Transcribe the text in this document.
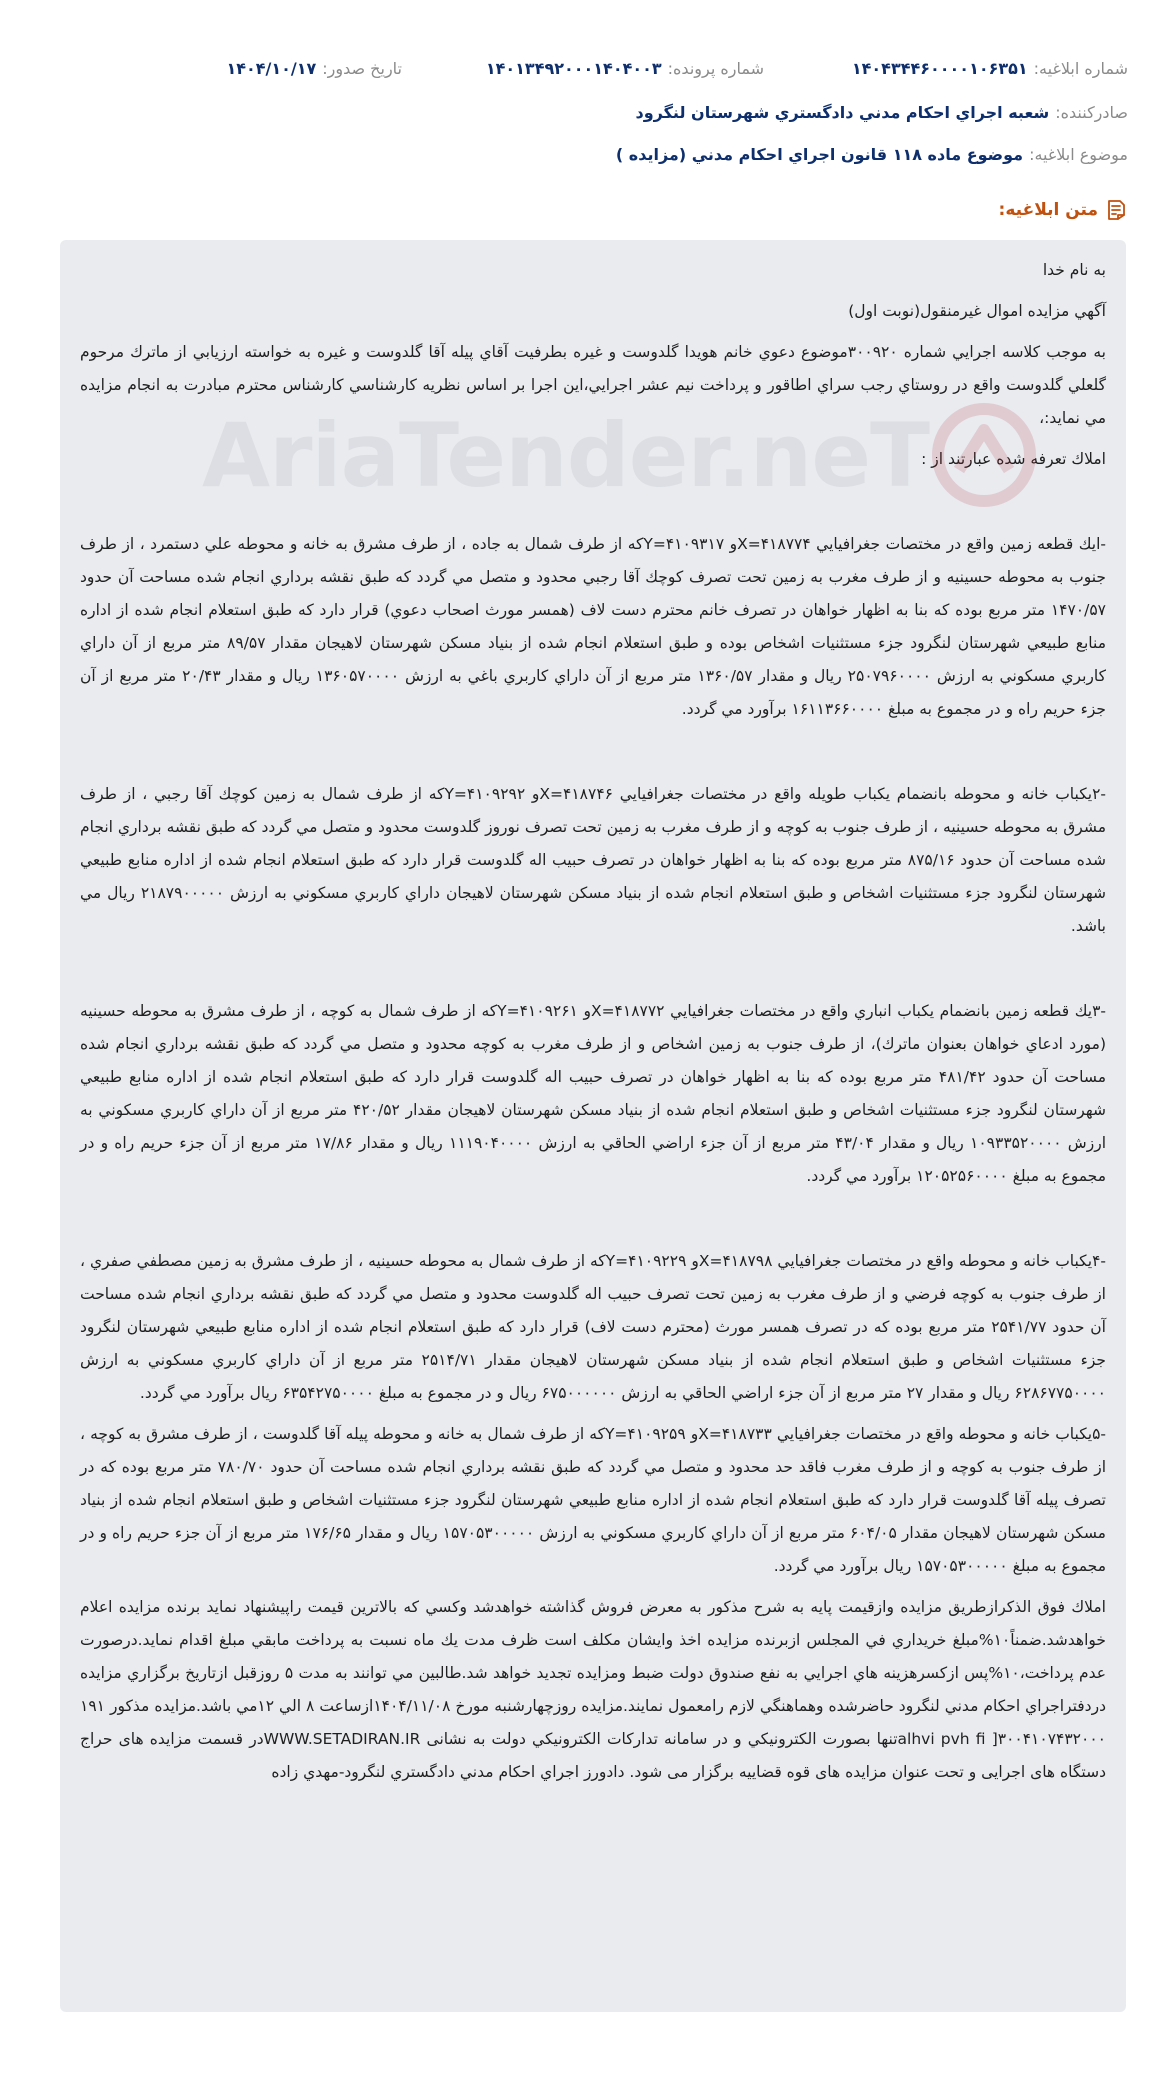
شماره ابلاغيه:
۱۴۰۴۳۴۴۶۰۰۰۰۱۰۶۳۵۱
شماره پرونده:
۱۴۰۱۳۴۹۲۰۰۰۱۴۰۴۰۰۳
تاريخ صدور:
۱۴۰۴/۱۰/۱۷
صادرکننده:
شعبه اجراي احکام مدني دادگستري شهرستان لنگرود
موضوع ابلاغيه:
موضوع ماده ۱۱۸ قانون اجراي احکام مدني (مزايده )
متن ابلاغيه:

به نام خدا

آگهي مزايده اموال غيرمنقول(نوبت اول)

به موجب کلاسه اجرايي شماره ۳۰۰۹۲۰موضوع دعوي خانم هويدا گلدوست و غيره بطرفيت آقاي پيله آقا گلدوست و غيره به خواسته ارزيابي از ماترك مرحوم گلعلي گلدوست واقع در روستاي رجب سراي اطاقور و پرداخت نيم عشر اجرايي،اين اجرا بر اساس نظريه کارشناسي کارشناس محترم مبادرت به انجام مزايده مي نمايد:،

املاك تعرفه شده عبارتند از :

-ايك قطعه زمين واقع در مختصات جغرافيايي X=۴۱۸۷۷۴و Y=۴۱۰۹۳۱۷كه از طرف شمال به جاده ، از طرف مشرق به خانه و محوطه علي دستمرد ، از طرف جنوب به محوطه حسينيه و از طرف مغرب به زمين تحت تصرف كوچك آقا رجبي محدود و متصل مي گردد كه طبق نقشه برداري انجام شده مساحت آن حدود ۱۴۷۰/۵۷ متر مربع بوده كه بنا به اظهار خواهان در تصرف خانم محترم دست لاف (همسر مورث اصحاب دعوي) قرار دارد كه طبق استعلام انجام شده از اداره منابع طبيعي شهرستان لنگرود جزء مستثنيات اشخاص بوده و طبق استعلام انجام شده از بنياد مسكن شهرستان لاهيجان مقدار ۸۹/۵۷ متر مربع از آن داراي كاربري مسكوني به ارزش ۲۵۰۷۹۶۰۰۰۰ ريال و مقدار ۱۳۶۰/۵۷ متر مربع از آن داراي كاربري باغي به ارزش ۱۳۶۰۵۷۰۰۰۰ ريال و مقدار ۲۰/۴۳ متر مربع از آن جزء حريم راه و در مجموع به مبلغ ۱۶۱۱۳۶۶۰۰۰۰ برآورد مي گردد.

-۲يكباب خانه و محوطه بانضمام يكباب طويله واقع در مختصات جغرافيايي X=۴۱۸۷۴۶و Y=۴۱۰۹۲۹۲كه از طرف شمال به زمين كوچك آقا رجبي ، از طرف مشرق به محوطه حسينيه ، از طرف جنوب به كوچه و از طرف مغرب به زمين تحت تصرف نوروز گلدوست محدود و متصل مي گردد كه طبق نقشه برداري انجام شده مساحت آن حدود ۸۷۵/۱۶ متر مربع بوده كه بنا به اظهار خواهان در تصرف حبيب اله گلدوست قرار دارد كه طبق استعلام انجام شده از اداره منابع طبيعي شهرستان لنگرود جزء مستثنيات اشخاص و طبق استعلام انجام شده از بنياد مسكن شهرستان لاهيجان داراي كاربري مسكوني به ارزش ۲۱۸۷۹۰۰۰۰۰ ريال مي باشد.

-۳يك قطعه زمين بانضمام يكباب انباري واقع در مختصات جغرافيايي X=۴۱۸۷۷۲و Y=۴۱۰۹۲۶۱كه از طرف شمال به كوچه ، از طرف مشرق به محوطه حسينيه (مورد ادعاي خواهان بعنوان ماترك)، از طرف جنوب به زمين اشخاص و از طرف مغرب به كوچه محدود و متصل مي گردد كه طبق نقشه برداري انجام شده مساحت آن حدود ۴۸۱/۴۲ متر مربع بوده كه بنا به اظهار خواهان در تصرف حبيب اله گلدوست قرار دارد كه طبق استعلام انجام شده از اداره منابع طبيعي شهرستان لنگرود جزء مستثنيات اشخاص و طبق استعلام انجام شده از بنياد مسكن شهرستان لاهيجان مقدار ۴۲۰/۵۲ متر مربع از آن داراي كاربري مسكوني به ارزش ۱۰۹۳۳۵۲۰۰۰۰ ريال و مقدار ۴۳/۰۴ متر مربع از آن جزء اراضي الحاقي به ارزش ۱۱۱۹۰۴۰۰۰۰ ريال و مقدار ۱۷/۸۶ متر مربع از آن جزء حريم راه و در مجموع به مبلغ ۱۲۰۵۲۵۶۰۰۰۰ برآورد مي گردد.

-۴يكباب خانه و محوطه واقع در مختصات جغرافيايي X=۴۱۸۷۹۸و Y=۴۱۰۹۲۲۹كه از طرف شمال به محوطه حسينيه ، از طرف مشرق به زمين مصطفي صفري ، از طرف جنوب به كوچه فرضي و از طرف مغرب به زمين تحت تصرف حبيب اله گلدوست محدود و متصل مي گردد كه طبق نقشه برداري انجام شده مساحت آن حدود ۲۵۴۱/۷۷ متر مربع بوده كه در تصرف همسر مورث (محترم دست لاف) قرار دارد كه طبق استعلام انجام شده از اداره منابع طبيعي شهرستان لنگرود جزء مستثنيات اشخاص و طبق استعلام انجام شده از بنياد مسكن شهرستان لاهيجان مقدار ۲۵۱۴/۷۱ متر مربع از آن داراي كاربري مسكوني به ارزش ۶۲۸۶۷۷۵۰۰۰۰ ريال و مقدار ۲۷ متر مربع از آن جزء اراضي الحاقي به ارزش ۶۷۵۰۰۰۰۰۰ ريال و در مجموع به مبلغ ۶۳۵۴۲۷۵۰۰۰۰ ريال برآورد مي گردد.

-۵يكباب خانه و محوطه واقع در مختصات جغرافيايي X=۴۱۸۷۳۳و Y=۴۱۰۹۲۵۹كه از طرف شمال به خانه و محوطه پيله آقا گلدوست ، از طرف مشرق به كوچه ، از طرف جنوب به كوچه و از طرف مغرب فاقد حد محدود و متصل مي گردد كه طبق نقشه برداري انجام شده مساحت آن حدود ۷۸۰/۷۰ متر مربع بوده كه در تصرف پيله آقا گلدوست قرار دارد كه طبق استعلام انجام شده از اداره منابع طبيعي شهرستان لنگرود جزء مستثنيات اشخاص و طبق استعلام انجام شده از بنياد مسكن شهرستان لاهيجان مقدار ۶۰۴/۰۵ متر مربع از آن داراي كاربري مسكوني به ارزش ۱۵۷۰۵۳۰۰۰۰۰ ريال و مقدار ۱۷۶/۶۵ متر مربع از آن جزء حريم راه و در مجموع به مبلغ ۱۵۷۰۵۳۰۰۰۰۰ ريال برآورد مي گردد.

املاك فوق الذكرازطريق مزايده وازقيمت پايه به شرح مذكور به معرض فروش گذاشته خواهدشد وكسي كه بالاترين قيمت راپيشنهاد نمايد برنده مزايده اعلام خواهدشد.ضمناً۱۰%مبلغ خريداري في المجلس ازبرنده مزايده اخذ وايشان مكلف است ظرف مدت يك ماه نسبت به پرداخت مابقي مبلغ اقدام نمايد.درصورت عدم پرداخت،۱۰%پس ازكسرهزينه هاي اجرايي به نفع صندوق دولت ضبط ومزايده تجديد خواهد شد.طالبين مي توانند به مدت ۵ روزقبل ازتاريخ برگزاري مزايده دردفتراجراي احكام مدني لنگرود حاضرشده وهماهنگي لازم رامعمول نمايند.مزايده روزچهارشنبه مورخ ۱۴۰۴/۱۱/۰۸ازساعت ۸ الي ۱۲مي باشد.مزايده مذكور ۱۹۱ ۳۰۰۴۱۰۷۴۳۲۰۰۰[ alhvi pvh fiتنها بصورت الكترونيكي و در سامانه تداركات الكترونيكي دولت به نشانی WWW.SETADIRAN.IRدر قسمت مزايده های حراج دستگاه های اجرايی و تحت عنوان مزايده های قوه قضاييه برگزار می شود. دادورز اجراي احكام مدني دادگستري لنگرود-مهدي زاده
